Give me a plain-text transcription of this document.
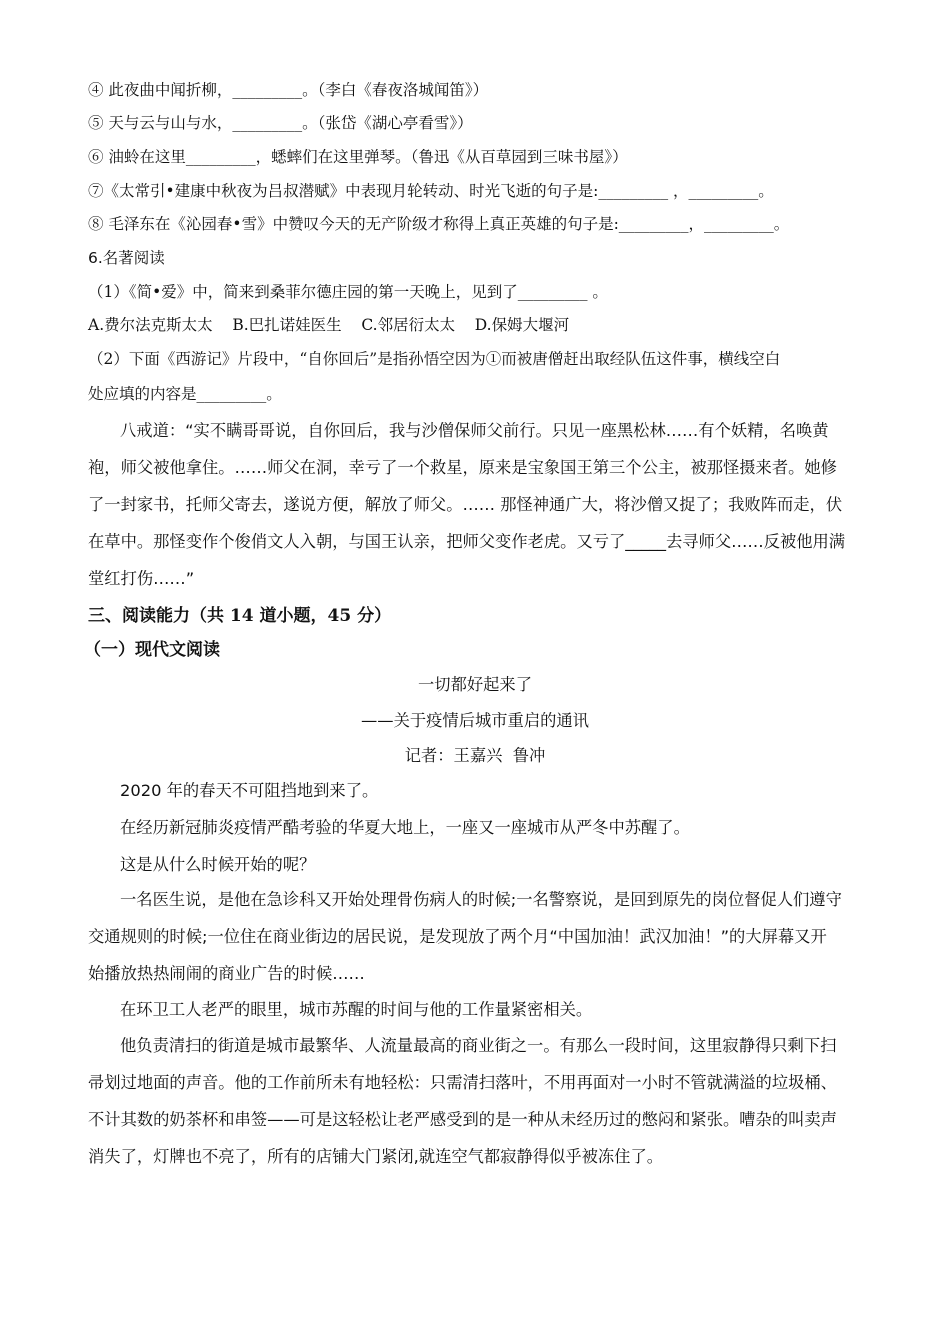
④ 此夜曲中闻折柳，_________。（李白《春夜洛城闻笛》）
⑤ 天与云与山与水，_________。（张岱《湖心亭看雪》）
⑥ 油蛉在这里_________，蟋蟀们在这里弹琴。（鲁迅《从百草园到三味书屋》）
⑦《太常引•建康中秋夜为吕叔潜赋》中表现月轮转动、时光飞逝的句子是:_________ ，_________。
⑧ 毛泽东在《沁园春•雪》中赞叹今天的无产阶级才称得上真正英雄的句子是:_________，_________。
6.名著阅读
（1）《简•爱》中，简来到桑菲尔德庄园的第一天晚上，见到了_________ 。
A.费尔法克斯太太    B.巴扎诺娃医生    C.邻居衍太太    D.保姆大堰河
（2）下面《西游记》片段中，“自你回后”是指孙悟空因为①而被唐僧赶出取经队伍这件事，横线空白
处应填的内容是_________。
八戒道：“实不瞒哥哥说，自你回后，我与沙僧保师父前行。只见一座黑松林……有个妖精，名唤黄
袍，师父被他拿住。……师父在洞，幸亏了一个救星，原来是宝象国王第三个公主，被那怪摄来者。她修
了一封家书，托师父寄去，遂说方便，解放了师父。…… 那怪神通广大，将沙僧又捉了；我败阵而走，伏
在草中。那怪变作个俊俏文人入朝，与国王认亲，把师父变作老虎。又亏了_____去寻师父……反被他用满
堂红打伤……”
三、阅读能力（共 14 道小题，45 分）
（一）现代文阅读
一切都好起来了
——关于疫情后城市重启的通讯
记者：王嘉兴  鲁冲
2020 年的春天不可阻挡地到来了。
在经历新冠肺炎疫情严酷考验的华夏大地上，一座又一座城市从严冬中苏醒了。
这是从什么时候开始的呢？
一名医生说，是他在急诊科又开始处理骨伤病人的时候;一名警察说，是回到原先的岗位督促人们遵守
交通规则的时候;一位住在商业街边的居民说，是发现放了两个月“中国加油！武汉加油！”的大屏幕又开
始播放热热闹闹的商业广告的时候……
在环卫工人老严的眼里，城市苏醒的时间与他的工作量紧密相关。
他负责清扫的街道是城市最繁华、人流量最高的商业街之一。有那么一段时间，这里寂静得只剩下扫
帚划过地面的声音。他的工作前所未有地轻松：只需清扫落叶，不用再面对一小时不管就满溢的垃圾桶、
不计其数的奶茶杯和串签——可是这轻松让老严感受到的是一种从未经历过的憋闷和紧张。嘈杂的叫卖声
消失了，灯牌也不亮了，所有的店铺大门紧闭,就连空气都寂静得似乎被冻住了。
